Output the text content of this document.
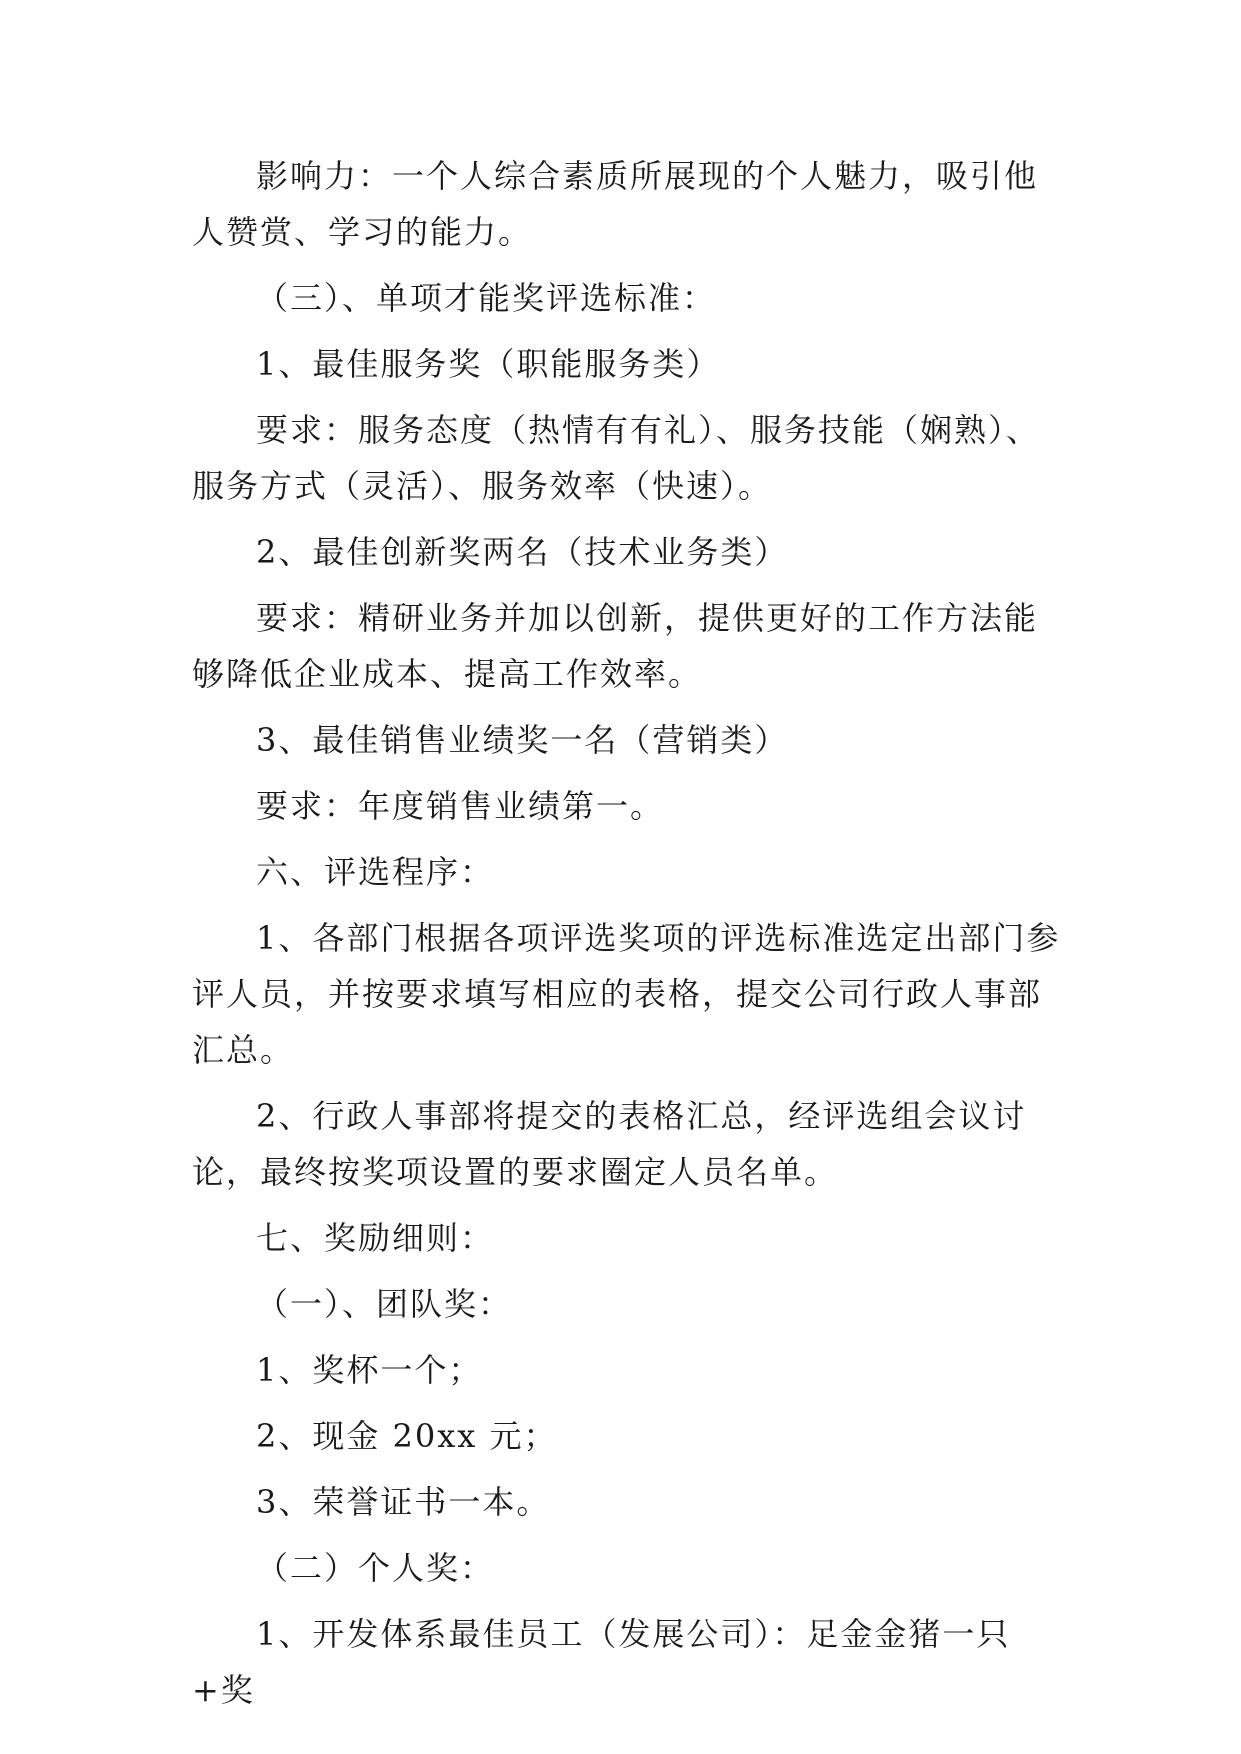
影响力：一个人综合素质所展现的个人魅力，吸引他人赞赏、学习的能力。

（三）、单项才能奖评选标准：

1、最佳服务奖（职能服务类）

要求：服务态度（热情有有礼）、服务技能（娴熟）、服务方式（灵活）、服务效率（快速）。

2、最佳创新奖两名（技术业务类）

要求：精研业务并加以创新，提供更好的工作方法能够降低企业成本、提高工作效率。

3、最佳销售业绩奖一名（营销类）

要求：年度销售业绩第一。

六、评选程序：

1、各部门根据各项评选奖项的评选标准选定出部门参评人员，并按要求填写相应的表格，提交公司行政人事部汇总。

2、行政人事部将提交的表格汇总，经评选组会议讨论，最终按奖项设置的要求圈定人员名单。

七、奖励细则：

（一）、团队奖：

1、奖杯一个；

2、现金 20xx 元；

3、荣誉证书一本。

（二）个人奖：

1、开发体系最佳员工（发展公司）：足金金猪一只+奖
